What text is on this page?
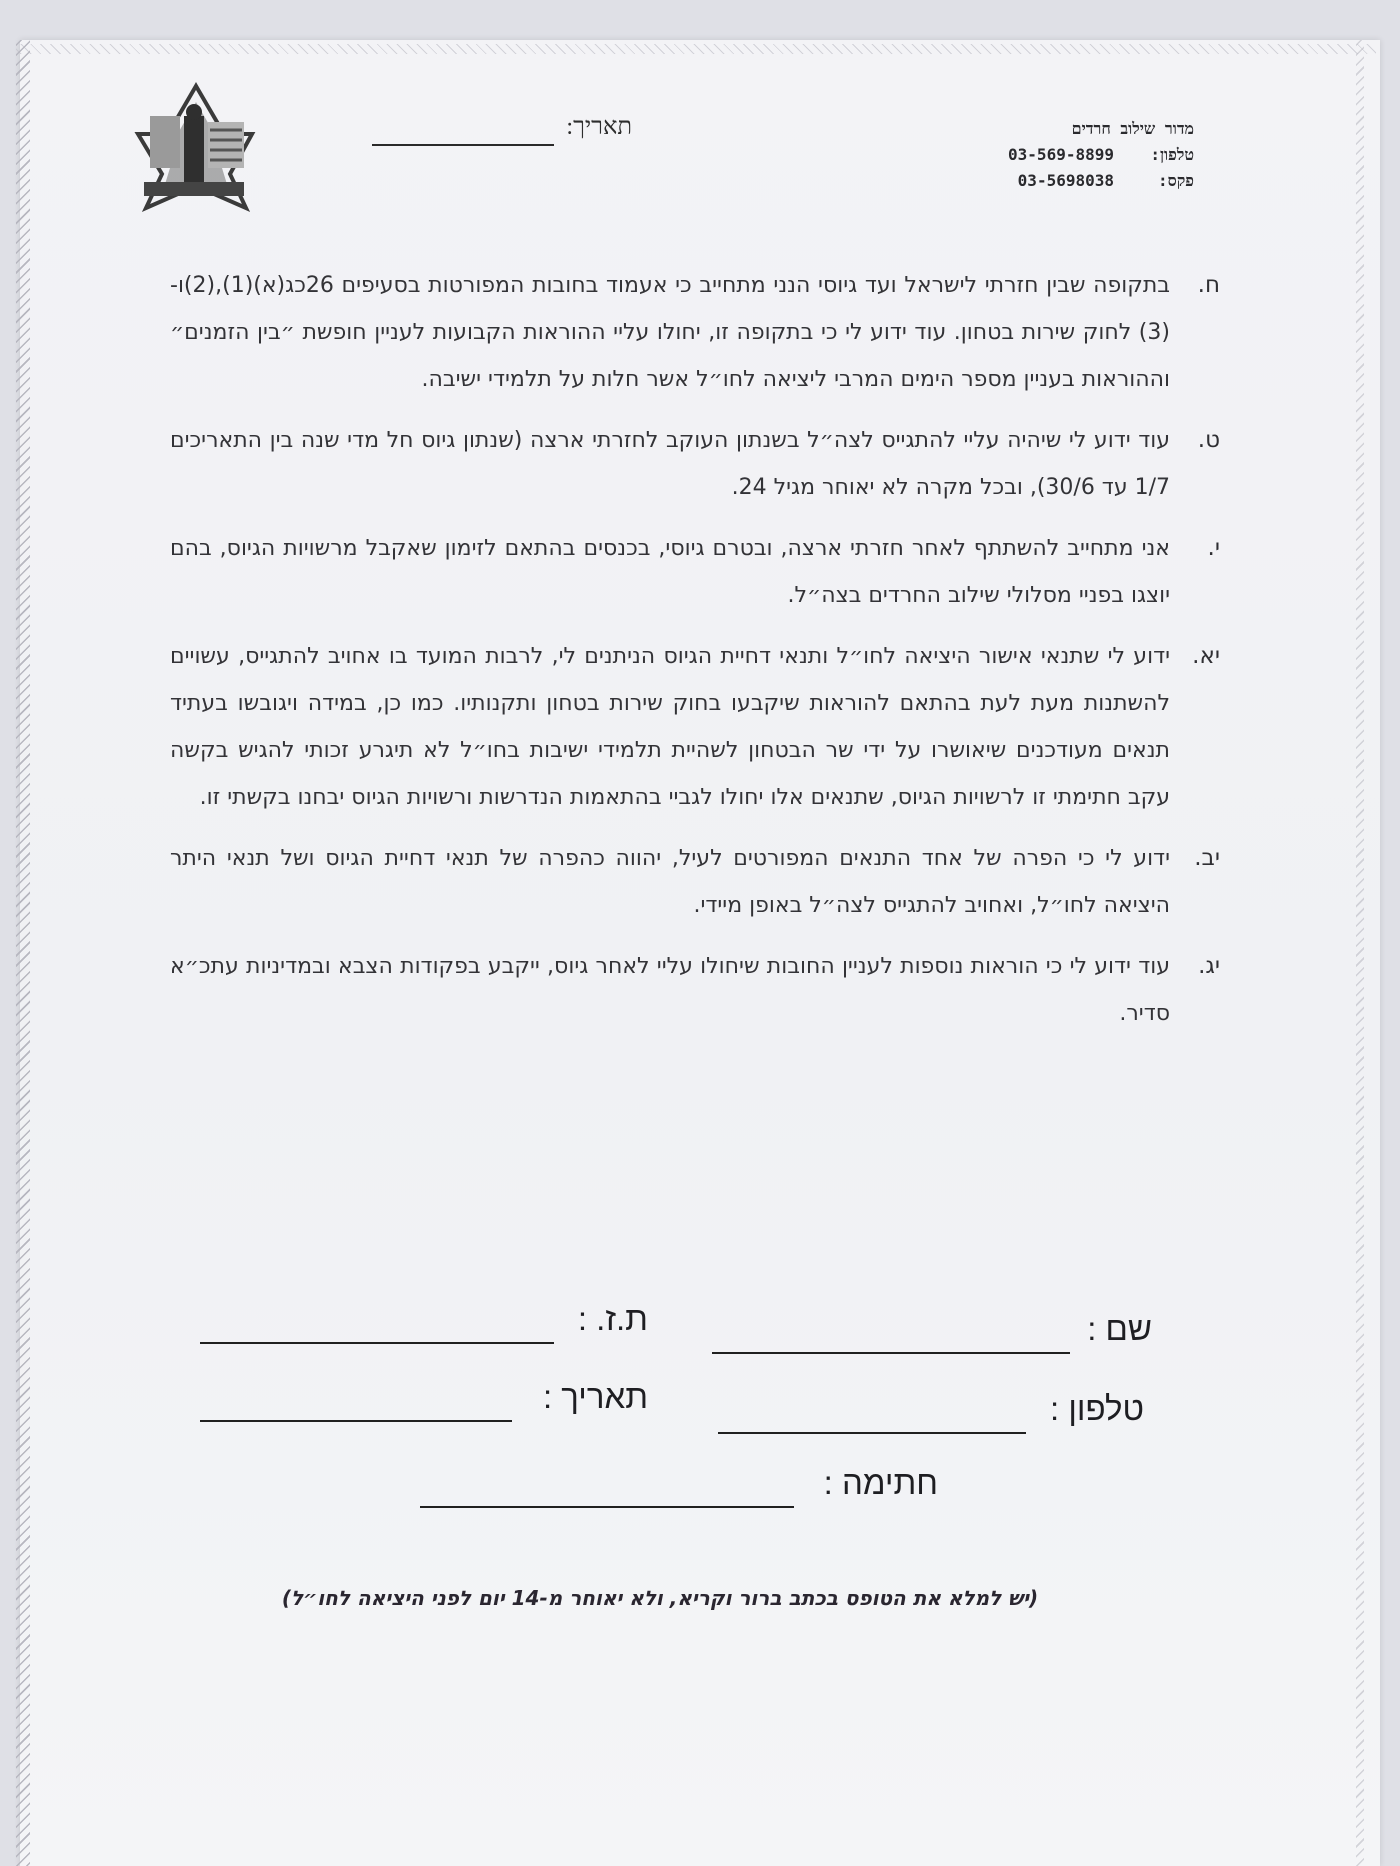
מדור שילוב חרדים
טלפון:
03-569-8899
פקס:
03-5698038
תאריך:
ח.
בתקופה שבין חזרתי לישראל ועד גיוסי הנני מתחייב כי אעמוד בחובות המפורטות בסעיפים 26כג(א)(1),(2)ו-(3) לחוק שירות בטחון. עוד ידוע לי כי בתקופה זו, יחולו עליי ההוראות הקבועות לעניין חופשת ״בין הזמנים״ וההוראות בעניין מספר הימים המרבי ליציאה לחו״ל אשר חלות על תלמידי ישיבה.
ט.
עוד ידוע לי שיהיה עליי להתגייס לצה״ל בשנתון העוקב לחזרתי ארצה (שנתון גיוס חל מדי שנה בין התאריכים 1/7 עד 30/6), ובכל מקרה לא יאוחר מגיל 24.
י.
אני מתחייב להשתתף לאחר חזרתי ארצה, ובטרם גיוסי, בכנסים בהתאם לזימון שאקבל מרשויות הגיוס, בהם יוצגו בפניי מסלולי שילוב החרדים בצה״ל.
יא.
ידוע לי שתנאי אישור היציאה לחו״ל ותנאי דחיית הגיוס הניתנים לי, לרבות המועד בו אחויב להתגייס, עשויים להשתנות מעת לעת בהתאם להוראות שיקבעו בחוק שירות בטחון ותקנותיו. כמו כן, במידה ויגובשו בעתיד תנאים מעודכנים שיאושרו על ידי שר הבטחון לשהיית תלמידי ישיבות בחו״ל לא תיגרע זכותי להגיש בקשה עקב חתימתי זו לרשויות הגיוס, שתנאים אלו יחולו לגביי בהתאמות הנדרשות ורשויות הגיוס יבחנו בקשתי זו.
יב.
ידוע לי כי הפרה של אחד התנאים המפורטים לעיל, יהווה כהפרה של תנאי דחיית הגיוס ושל תנאי היתר היציאה לחו״ל, ואחויב להתגייס לצה״ל באופן מיידי.
יג.
עוד ידוע לי כי הוראות נוספות לעניין החובות שיחולו עליי לאחר גיוס, ייקבע בפקודות הצבא ובמדיניות עתכ״א סדיר.
שם :
ת.ז. :
טלפון :
תאריך :
חתימה :
(יש למלא את הטופס בכתב ברור וקריא, ולא יאוחר מ-14 יום לפני היציאה לחו״ל)
